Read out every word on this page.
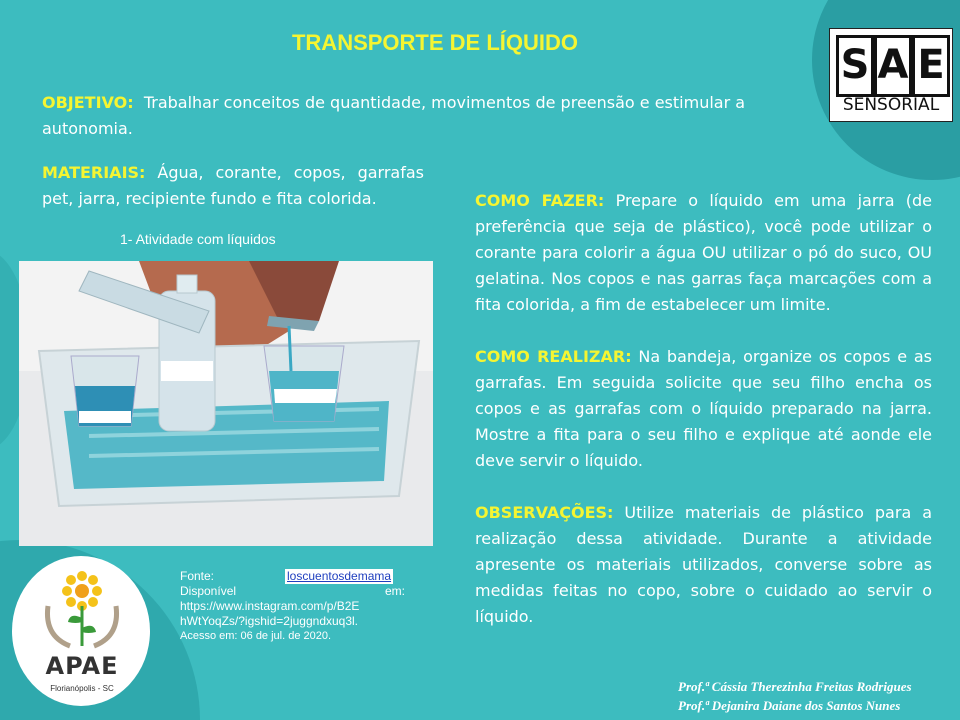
TRANSPORTE DE LÍQUIDO
OBJETIVO: Trabalhar conceitos de quantidade, movimentos de preensão e estimular a autonomia.
MATERIAIS: Água, corante, copos, garrafas pet, jarra, recipiente fundo e fita colorida.
1- Atividade com líquidos
COMO FAZER: Prepare o líquido em uma jarra (de preferência que seja de plástico), você pode utilizar o corante para colorir a água OU utilizar o pó do suco, OU gelatina. Nos copos e nas garras faça marcações com a fita colorida, a fim de estabelecer um limite.
COMO REALIZAR: Na bandeja, organize os copos e as garrafas. Em seguida solicite que seu filho encha os copos e as garrafas com o líquido preparado na jarra. Mostre a fita para o seu filho e explique até aonde ele deve servir o líquido.
OBSERVAÇÕES: Utilize materiais de plástico para a realização dessa atividade. Durante a atividade apresente os materiais utilizados, converse sobre as medidas feitas no copo, sobre o cuidado ao servir o líquido.
S A E
SENSORIAL
APAE
Florianópolis - SC
Fonte:	loscuentosdemama
Disponível	em:
https://www.instagram.com/p/B2E
hWtYoqZs/?igshid=2juggndxuq3l.
Acesso em: 06 de jul. de 2020.
Prof.ª Cássia Therezinha Freitas Rodrigues
Prof.ª Dejanira Daiane dos Santos Nunes
